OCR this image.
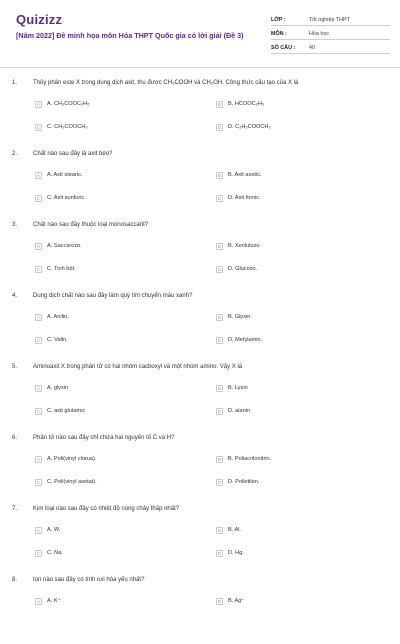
Quizizz
[Năm 2022] Đề minh họa môn Hóa THPT Quốc gia có lời giải (Đề 3)
LỚP :	Tốt nghiệp THPT
MÔN :	Hóa học
SỐ CÂU :	40
1.	Thủy phân este X trong dung dịch axit, thu được CH₃COOH và CH₃OH. Công thức cấu tạo của X là
A	A. CH₃COOC₂H₅	B	B. HCOOC₂H₅
C	C. CH₃COOCH₃	D	D. C₂H₅COOCH₃
2.	Chất nào sau đây là axit béo?
A	A. Axit stearic.	B	B. Axit axetic.
C	C. Axit sunfuric.	D	D. Axit fomic.
3.	Chất nào sau đây thuộc loại monosaccarit?
A	A. Saccarozo.	B	B. Xenlulozo.
C	C. Tinh bột.	D	D. Glucozo.
4.	Dung dịch chất nào sau đây làm quỳ tím chuyển màu xanh?
A	A. Anilin.	B	B. Glyxin.
C	C. Valin.	D	D. Metylamin.
5.	Aminoaxit X trong phân tử có hai nhóm cacboxyl và một nhóm amino. Vậy X là
A	A. glyxin	B	B. Lysin
C	C. axit glutamic	D	D. alanin
6.	Phân tử nào sau đây chỉ chứa hai nguyên tố C và H?
A	A. Poli(vinyl clorua).	B	B. Poliacrilonitrin.
C	C. Poli(vinyl axetat).	D	D. Polietilen.
7.	Kim loại nào sau đây có nhiệt độ nóng chảy thấp nhất?
A	A. W.	B	B. Al.
C	C. Na.	D	D. Hg.
8.	Ion nào sau đây có tính oxi hóa yếu nhất?
A	A. K⁺	B	B. Ag⁺
